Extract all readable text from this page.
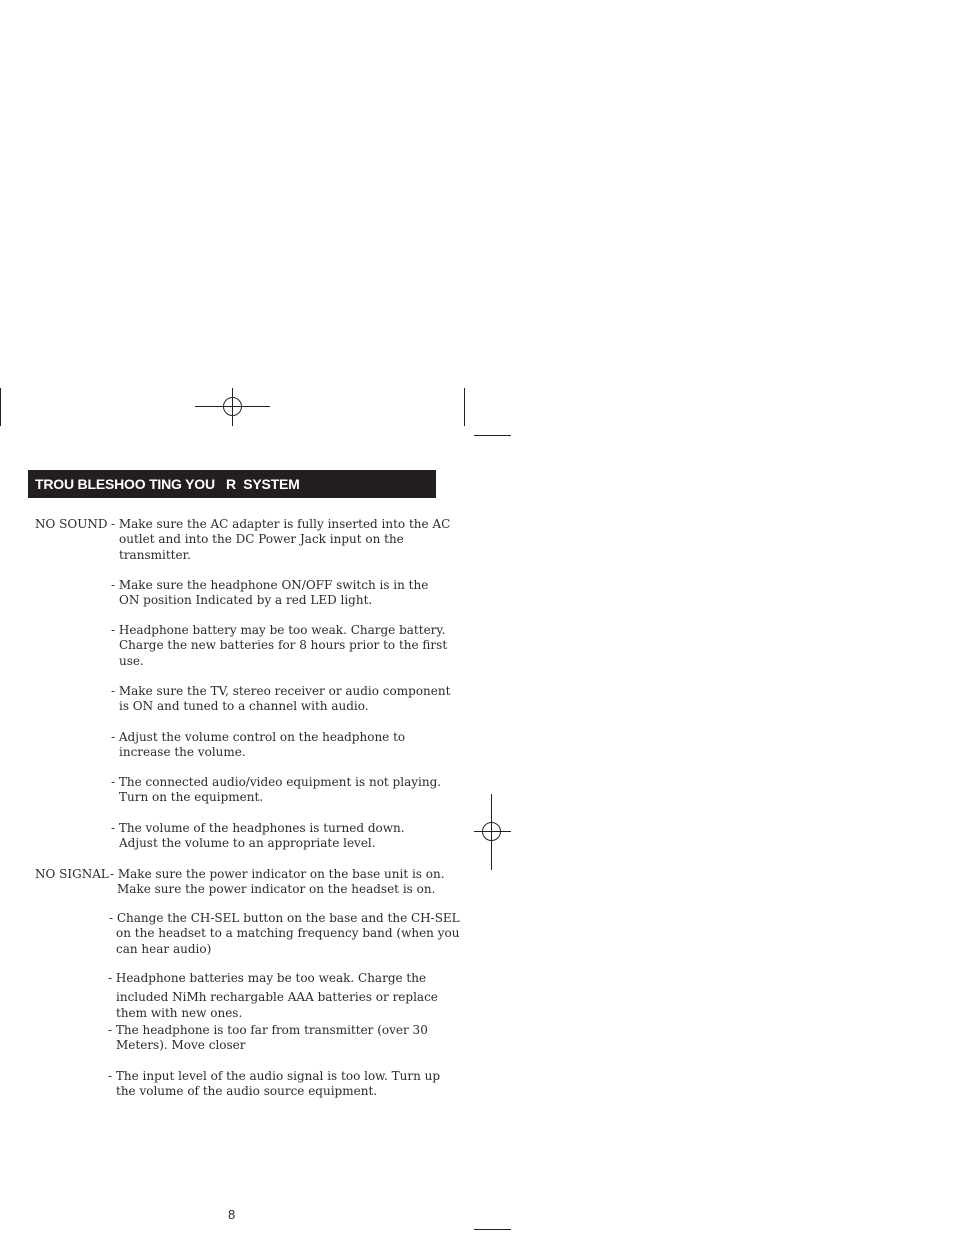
TROU BLESHOO TING YOU   R  SYSTEM
NO SOUND - Make sure the AC adapter is fully inserted into the AC
outlet and into the DC Power Jack input on the
transmitter.
- Make sure the headphone ON/OFF switch is in the
ON position Indicated by a red LED light.
- Headphone battery may be too weak. Charge battery.
Charge the new batteries for 8 hours prior to the first
use.
- Make sure the TV, stereo receiver or audio component
is ON and tuned to a channel with audio.
- Adjust the volume control on the headphone to
increase the volume.
- The connected audio/video equipment is not playing.
Turn on the equipment.
- The volume of the headphones is turned down.
Adjust the volume to an appropriate level.
NO SIGNAL - Make sure the power indicator on the base unit is on.
Make sure the power indicator on the headset is on.
- Change the CH-SEL button on the base and the CH-SEL
on the headset to a matching frequency band (when you
can hear audio)
- Headphone batteries may be too weak. Charge the
included NiMh rechargable AAA batteries or replace
them with new ones.
- The headphone is too far from transmitter (over 30
Meters). Move closer
- The input level of the audio signal is too low. Turn up
the volume of the audio source equipment.
8
